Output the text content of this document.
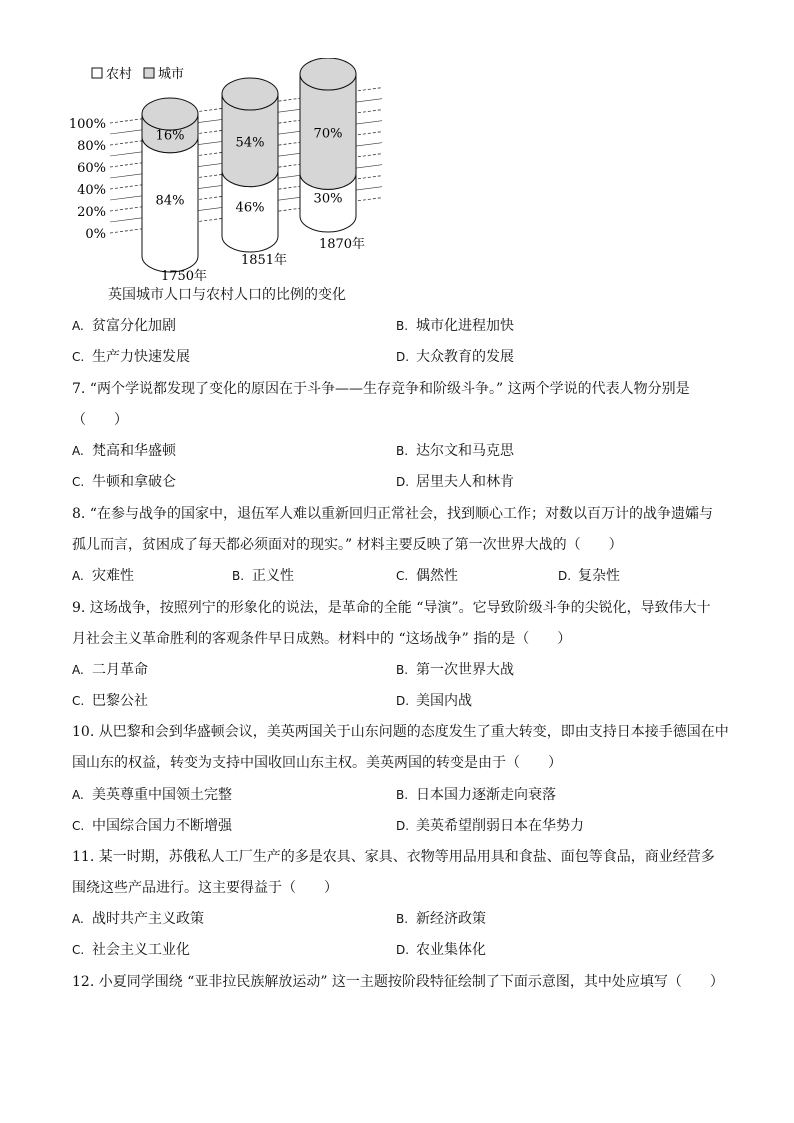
农村 城市
100%
80%
60%
40%
20%
0%
16%
84%
1750年
54%
46%
1851年
70%
30%
1870年
英国城市人口与农村人口的比例的变化
A. 贫富分化加剧	B. 城市化进程加快
C. 生产力快速发展	D. 大众教育的发展
7. “两个学说都发现了变化的原因在于斗争——生存竞争和阶级斗争。” 这两个学说的代表人物分别是
（　　）
A. 梵高和华盛顿	B. 达尔文和马克思
C. 牛顿和拿破仑	D. 居里夫人和林肯
8. “在参与战争的国家中，退伍军人难以重新回归正常社会，找到顺心工作；对数以百万计的战争遗孀与
孤儿而言，贫困成了每天都必须面对的现实。” 材料主要反映了第一次世界大战的（　　）
A. 灾难性	B. 正义性	C. 偶然性	D. 复杂性
9. 这场战争，按照列宁的形象化的说法，是革命的全能 “导演”。它导致阶级斗争的尖锐化，导致伟大十
月社会主义革命胜利的客观条件早日成熟。材料中的 “这场战争” 指的是（　　）
A. 二月革命	B. 第一次世界大战
C. 巴黎公社	D. 美国内战
10. 从巴黎和会到华盛顿会议，美英两国关于山东问题的态度发生了重大转变，即由支持日本接手德国在中
国山东的权益，转变为支持中国收回山东主权。美英两国的转变是由于（　　）
A. 美英尊重中国领土完整	B. 日本国力逐渐走向衰落
C. 中国综合国力不断增强	D. 美英希望削弱日本在华势力
11. 某一时期，苏俄私人工厂生产的多是农具、家具、衣物等用品用具和食盐、面包等食品，商业经营多
围绕这些产品进行。这主要得益于（　　）
A. 战时共产主义政策	B. 新经济政策
C. 社会主义工业化	D. 农业集体化
12. 小夏同学围绕 “亚非拉民族解放运动” 这一主题按阶段特征绘制了下面示意图，其中处应填写（　　）
